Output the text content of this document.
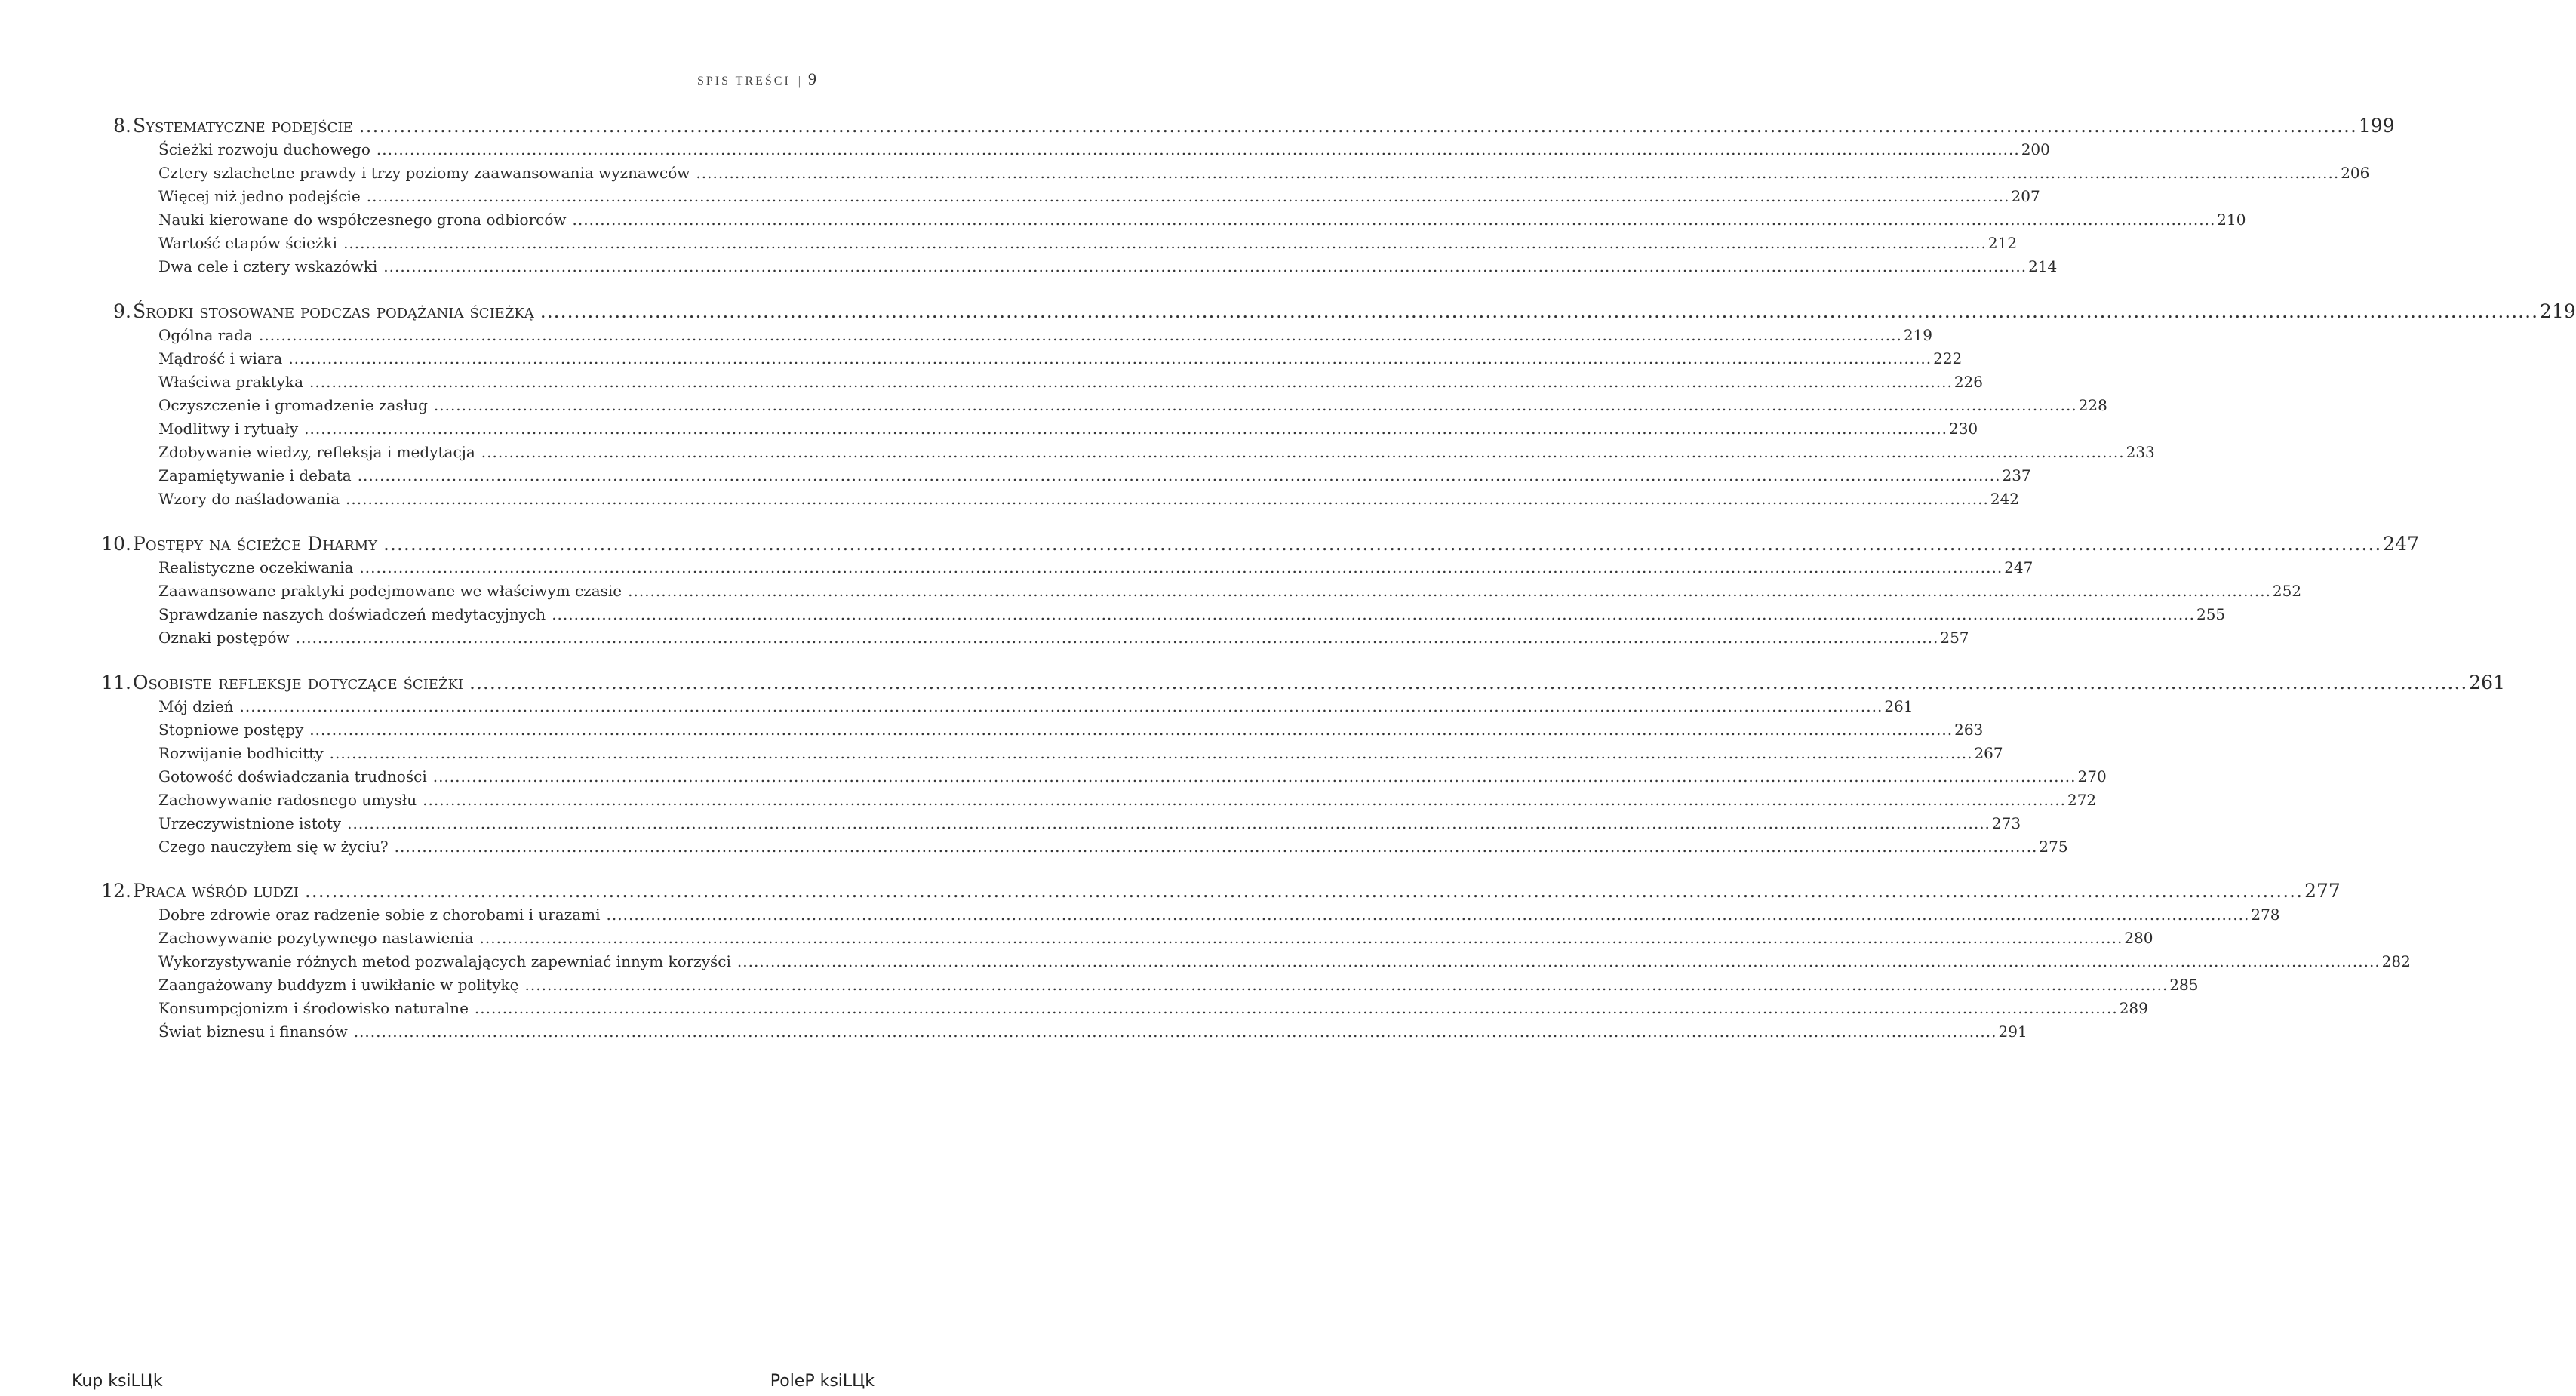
SPIS TREŚCI | 9
8. Systematyczne podejście .....	199
Ścieżki rozwoju duchowego .....	200
Cztery szlachetne prawdy i trzy poziomy zaawansowania wyznawców .....	206
Więcej niż jedno podejście .....	207
Nauki kierowane do współczesnego grona odbiorców .....	210
Wartość etapów ścieżki .....	212
Dwa cele i cztery wskazówki .....	214
9. Środki stosowane podczas podążania ścieżką .....	219
Ogólna rada .....	219
Mądrość i wiara .....	222
Właściwa praktyka .....	226
Oczyszczenie i gromadzenie zasług .....	228
Modlitwy i rytuały .....	230
Zdobywanie wiedzy, refleksja i medytacja .....	233
Zapamiętywanie i debata .....	237
Wzory do naśladowania .....	242
10. Postępy na ścieżce Dharmy .....	247
Realistyczne oczekiwania .....	247
Zaawansowane praktyki podejmowane we właściwym czasie .....	252
Sprawdzanie naszych doświadczeń medytacyjnych .....	255
Oznaki postępów .....	257
11. Osobiste refleksje dotyczące ścieżki .....	261
Mój dzień .....	261
Stopniowe postępy .....	263
Rozwijanie bodhicitty .....	267
Gotowość doświadczania trudności .....	270
Zachowywanie radosnego umysłu .....	272
Urzeczywistnione istoty .....	273
Czego nauczyłem się w życiu? .....	275
12. Praca wśród ludzi .....	277
Dobre zdrowie oraz radzenie sobie z chorobami i urazami .....	278
Zachowywanie pozytywnego nastawienia .....	280
Wykorzystywanie różnych metod pozwalających zapewniać innym korzyści .....	282
Zaangażowany buddyzm i uwikłanie w politykę .....	285
Konsumpcjonizm i środowisko naturalne .....	289
Świat biznesu i finansów .....	291
Kup ksiLЦk	PoleP ksiLЦk
